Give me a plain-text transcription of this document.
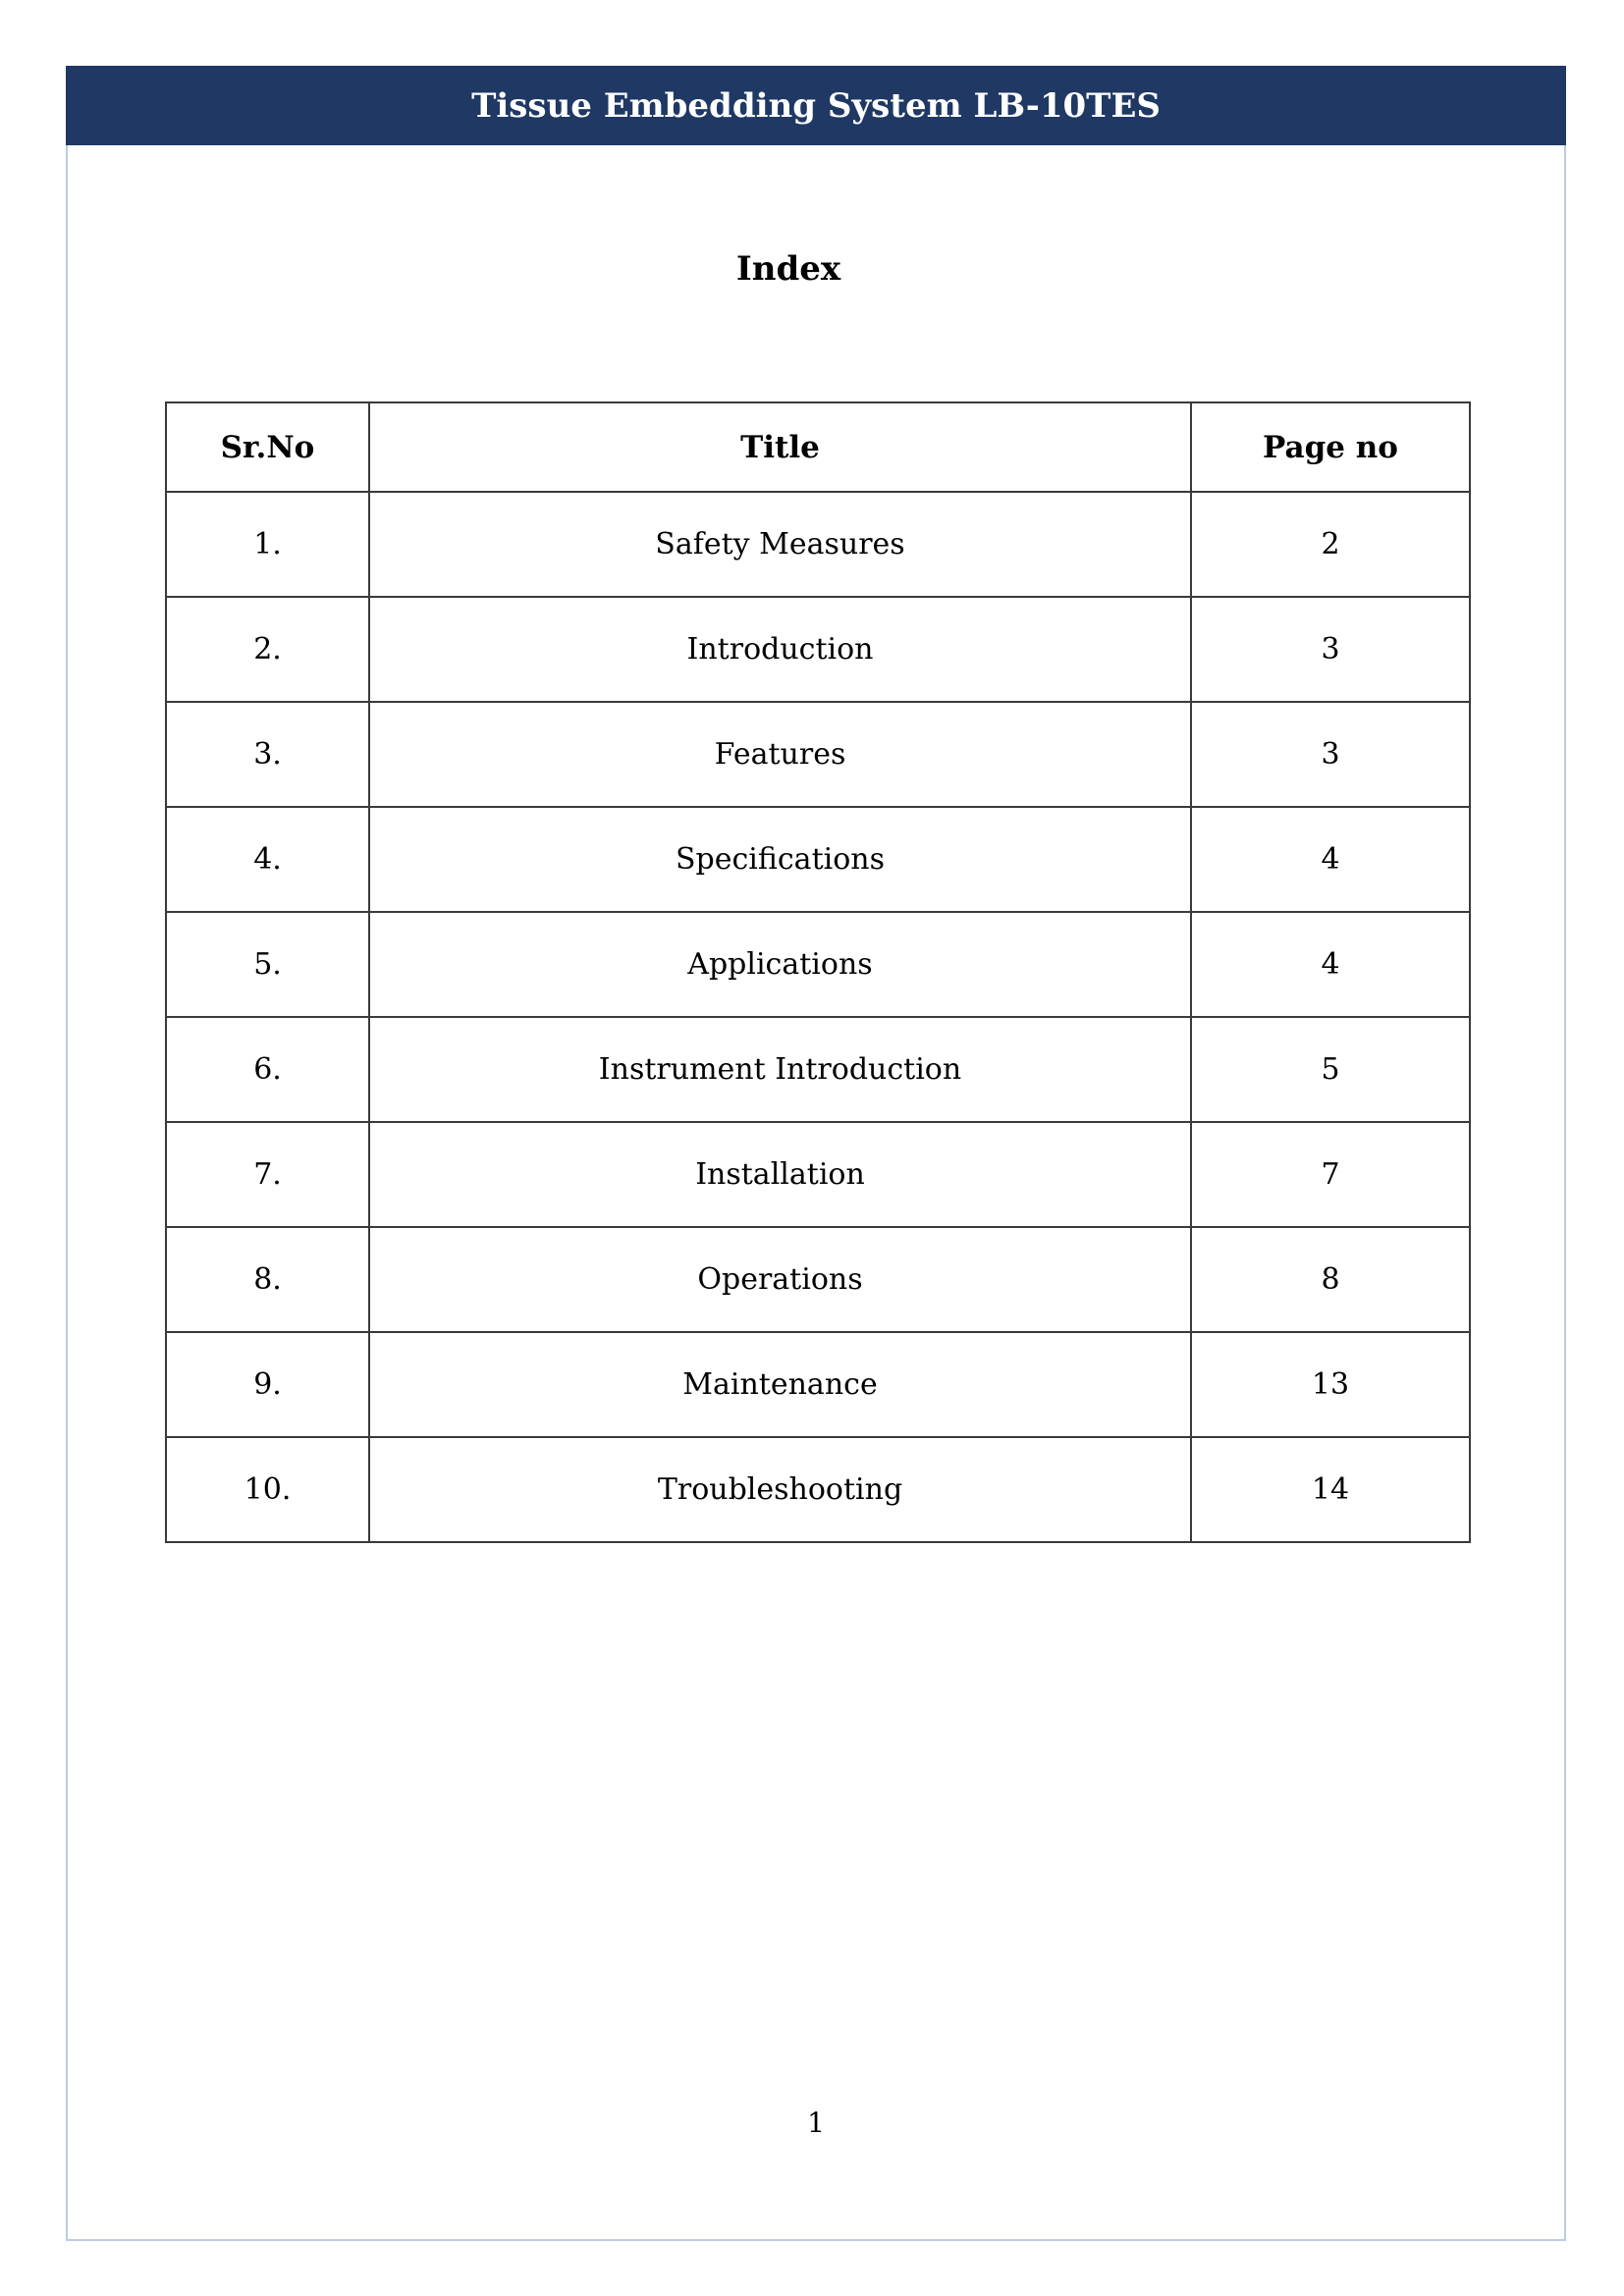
Tissue Embedding System LB-10TES
Index
Sr.No	Title	Page no
1.	Safety Measures	2
2.	Introduction	3
3.	Features	3
4.	Specifications	4
5.	Applications	4
6.	Instrument Introduction	5
7.	Installation	7
8.	Operations	8
9.	Maintenance	13
10.	Troubleshooting	14
1
